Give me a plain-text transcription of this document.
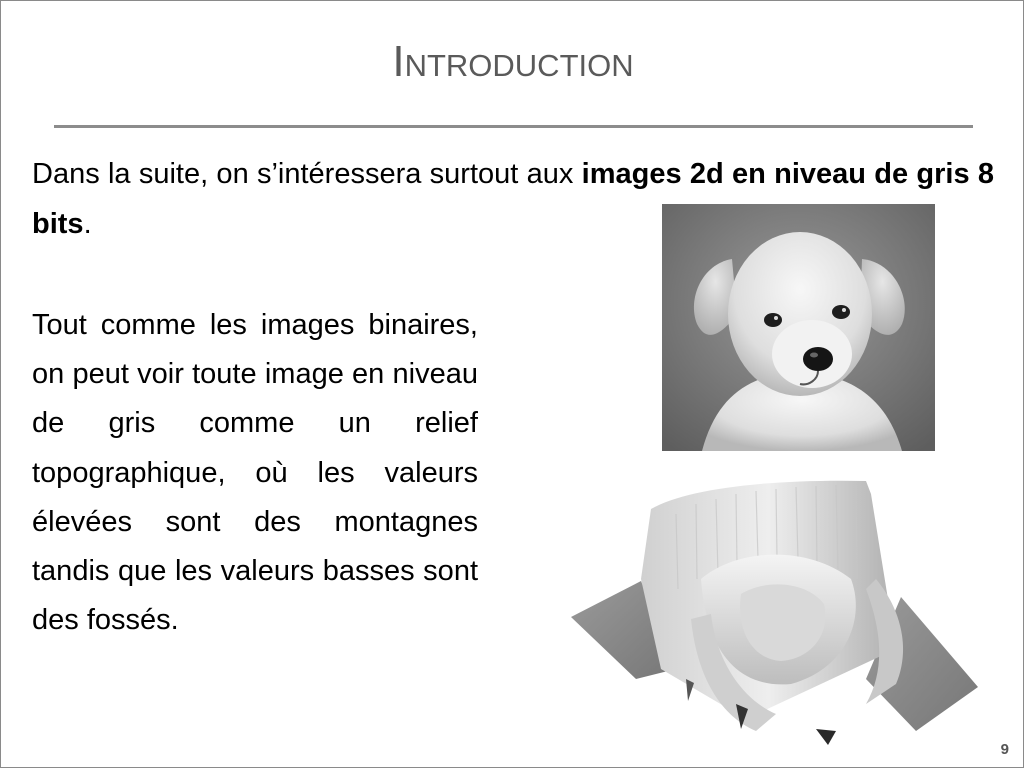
Introduction
Dans la suite, on s’intéressera surtout aux images 2d en niveau de gris 8 bits.
Tout comme les images binaires, on peut voir toute image en niveau de gris comme un relief topographique, où les valeurs élevées sont des montagnes tandis que les valeurs basses sont des fossés.
9
